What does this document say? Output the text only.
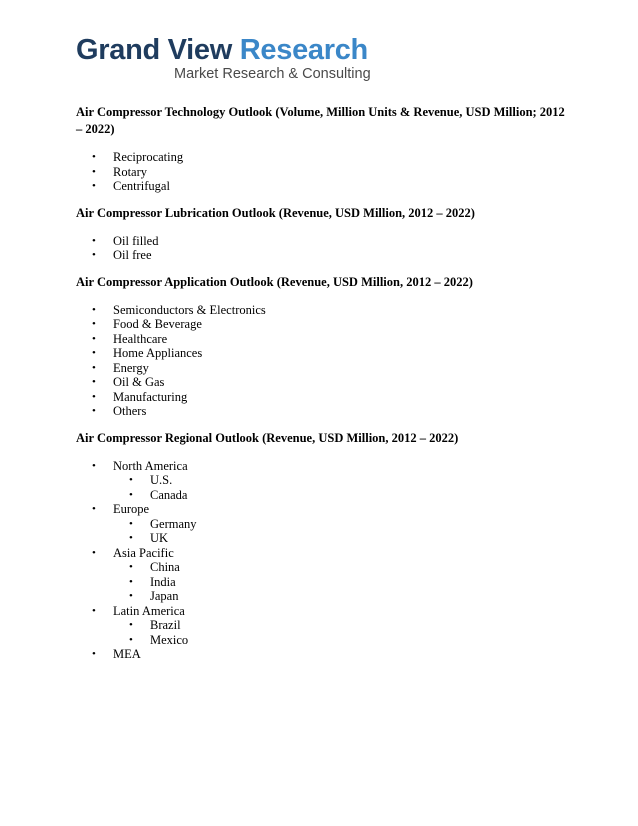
Grand View Research
Market Research & Consulting

Air Compressor Technology Outlook (Volume, Million Units & Revenue, USD Million; 2012 – 2022)

• Reciprocating
• Rotary
• Centrifugal

Air Compressor Lubrication Outlook (Revenue, USD Million, 2012 – 2022)

• Oil filled
• Oil free

Air Compressor Application Outlook (Revenue, USD Million, 2012 – 2022)

• Semiconductors & Electronics
• Food & Beverage
• Healthcare
• Home Appliances
• Energy
• Oil & Gas
• Manufacturing
• Others

Air Compressor Regional Outlook (Revenue, USD Million, 2012 – 2022)

• North America
• U.S.
• Canada
• Europe
• Germany
• UK
• Asia Pacific
• China
• India
• Japan
• Latin America
• Brazil
• Mexico
• MEA
